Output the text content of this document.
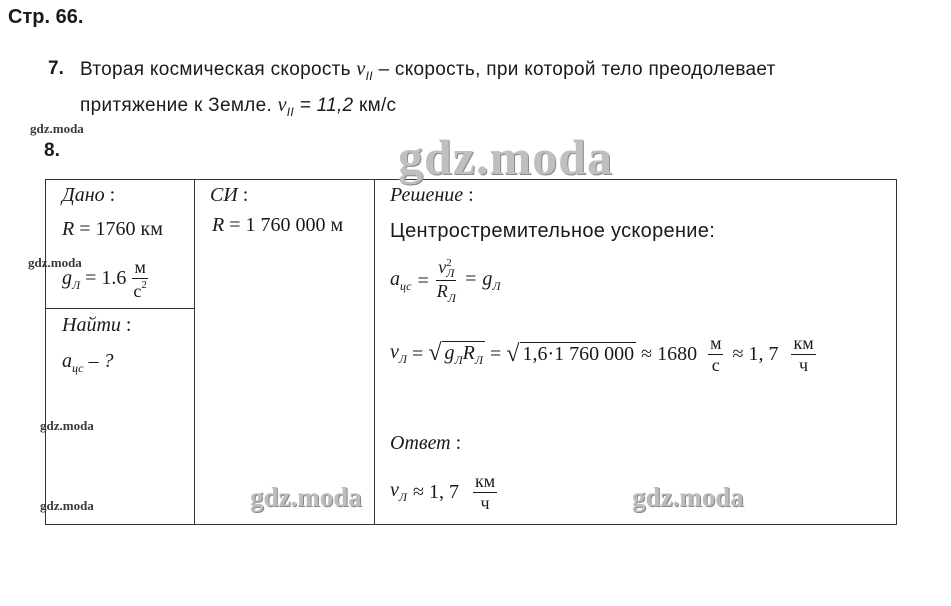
Стр. 66.
7. Вторая космическая скорость $v_{II}$ – скорость, при которой тело преодолевает
притяжение к Земле. $v_{II} = 11,2$ км/с
8.
Дано :
R = 1760 км
$g_Л = 1.6 \frac{м}{с^2}$
Найти :
$a_{цс}$ – ?
СИ :
R = 1 760 000 м
Решение :
Центростремительное ускорение:
$a_{цс} = v$ 2
Л
$R_Л = g_Л$
$v_Л$ = √ $g_ЛR_Л$ = √ 1,6·1 760 $000 \approx 1680 \frac{м}{с} \approx 1$, $7 \frac{км}{ч}$
Ответ :
$v_Л \approx 1$, $7 \frac{км}{ч}$
gdz.moda
gdz.moda
gdz.moda
gdz.moda
gdz.moda
gdz.moda	gdz.moda
